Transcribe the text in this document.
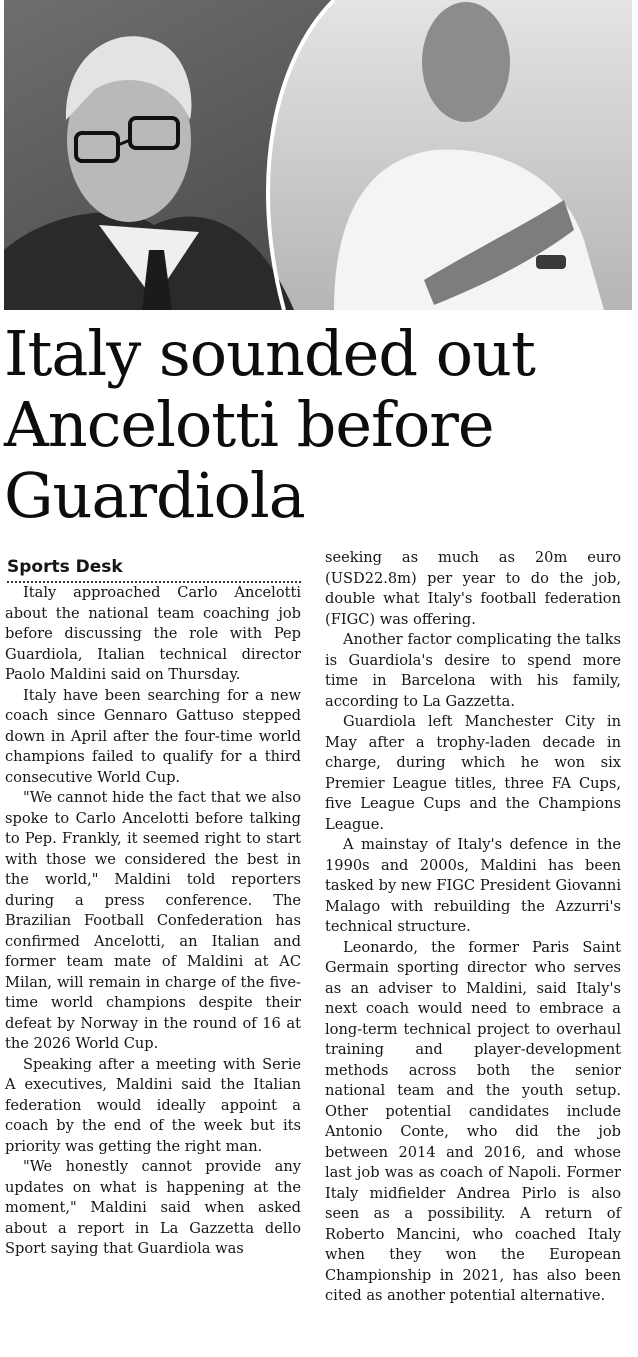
Italy sounded out
Ancelotti before
Guardiola
Sports Desk

Italy approached Carlo Ancelotti about the national team coaching job before discussing the role with Pep Guardiola, Italian technical director Paolo Maldini said on Thursday.

Italy have been searching for a new coach since Gennaro Gattuso stepped down in April after the four-time world champions failed to qualify for a third consecutive World Cup.

"We cannot hide the fact that we also spoke to Carlo Ancelotti before talking to Pep. Frankly, it seemed right to start with those we considered the best in the world," Maldini told reporters during a press conference. The Brazilian Football Confederation has confirmed Ancelotti, an Italian and former team mate of Maldini at AC Milan, will remain in charge of the five-time world champions despite their defeat by Norway in the round of 16 at the 2026 World Cup.

Speaking after a meeting with Serie A executives, Maldini said the Italian federation would ideally appoint a coach by the end of the week but its priority was getting the right man.

"We honestly cannot provide any updates on what is happening at the moment," Maldini said when asked about a report in La Gazzetta dello Sport saying that Guardiola was

seeking as much as 20m euro (USD22.8m) per year to do the job, double what Italy's football federation (FIGC) was offering.

Another factor complicating the talks is Guardiola's desire to spend more time in Barcelona with his family, according to La Gazzetta.

Guardiola left Manchester City in May after a trophy-laden decade in charge, during which he won six Premier League titles, three FA Cups, five League Cups and the Champions League.

A mainstay of Italy's defence in the 1990s and 2000s, Maldini has been tasked by new FIGC President Giovanni Malago with rebuilding the Azzurri's technical structure.

Leonardo, the former Paris Saint Germain sporting director who serves as an adviser to Maldini, said Italy's next coach would need to embrace a long-term technical project to overhaul training and player-development methods across both the senior national team and the youth setup. Other potential candidates include Antonio Conte, who did the job between 2014 and 2016, and whose last job was as coach of Napoli. Former Italy midfielder Andrea Pirlo is also seen as a possibility. A return of Roberto Mancini, who coached Italy when they won the European Championship in 2021, has also been cited as another potential alternative.
